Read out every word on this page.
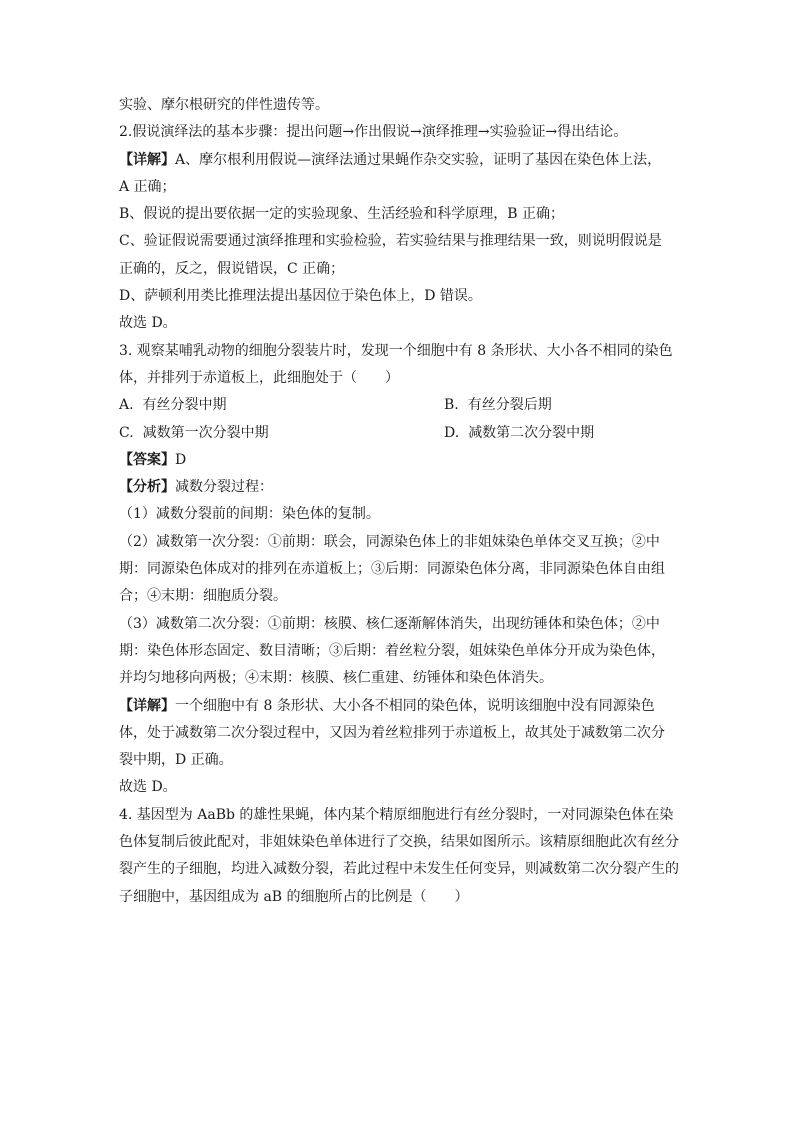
实验、摩尔根研究的伴性遗传等。
2.假说演绎法的基本步骤：提出问题→作出假说→演绎推理→实验验证→得出结论。
【详解】A、摩尔根利用假说—演绎法通过果蝇作杂交实验，证明了基因在染色体上法，
A 正确；
B、假说的提出要依据一定的实验现象、生活经验和科学原理，B 正确；
C、验证假说需要通过演绎推理和实验检验，若实验结果与推理结果一致，则说明假说是
正确的，反之，假说错误，C 正确；
D、萨顿利用类比推理法提出基因位于染色体上，D 错误。
故选 D。
3. 观察某哺乳动物的细胞分裂装片时，发现一个细胞中有 8 条形状、大小各不相同的染色
体，并排列于赤道板上，此细胞处于（　　）
A. 有丝分裂中期	B. 有丝分裂后期
C. 减数第一次分裂中期	D. 减数第二次分裂中期
【答案】D
【分析】减数分裂过程：
（1）减数分裂前的间期：染色体的复制。
（2）减数第一次分裂：①前期：联会，同源染色体上的非姐妹染色单体交叉互换；②中
期：同源染色体成对的排列在赤道板上；③后期：同源染色体分离，非同源染色体自由组
合；④末期：细胞质分裂。
（3）减数第二次分裂：①前期：核膜、核仁逐渐解体消失，出现纺锤体和染色体；②中
期：染色体形态固定、数目清晰；③后期：着丝粒分裂，姐妹染色单体分开成为染色体，
并均匀地移向两极；④末期：核膜、核仁重建、纺锤体和染色体消失。
【详解】一个细胞中有 8 条形状、大小各不相同的染色体，说明该细胞中没有同源染色
体，处于减数第二次分裂过程中，又因为着丝粒排列于赤道板上，故其处于减数第二次分
裂中期，D 正确。
故选 D。
4. 基因型为 AaBb 的雄性果蝇，体内某个精原细胞进行有丝分裂时，一对同源染色体在染
色体复制后彼此配对，非姐妹染色单体进行了交换，结果如图所示。该精原细胞此次有丝分
裂产生的子细胞，均进入减数分裂，若此过程中未发生任何变异，则减数第二次分裂产生的
子细胞中，基因组成为 aB 的细胞所占的比例是（　　）
